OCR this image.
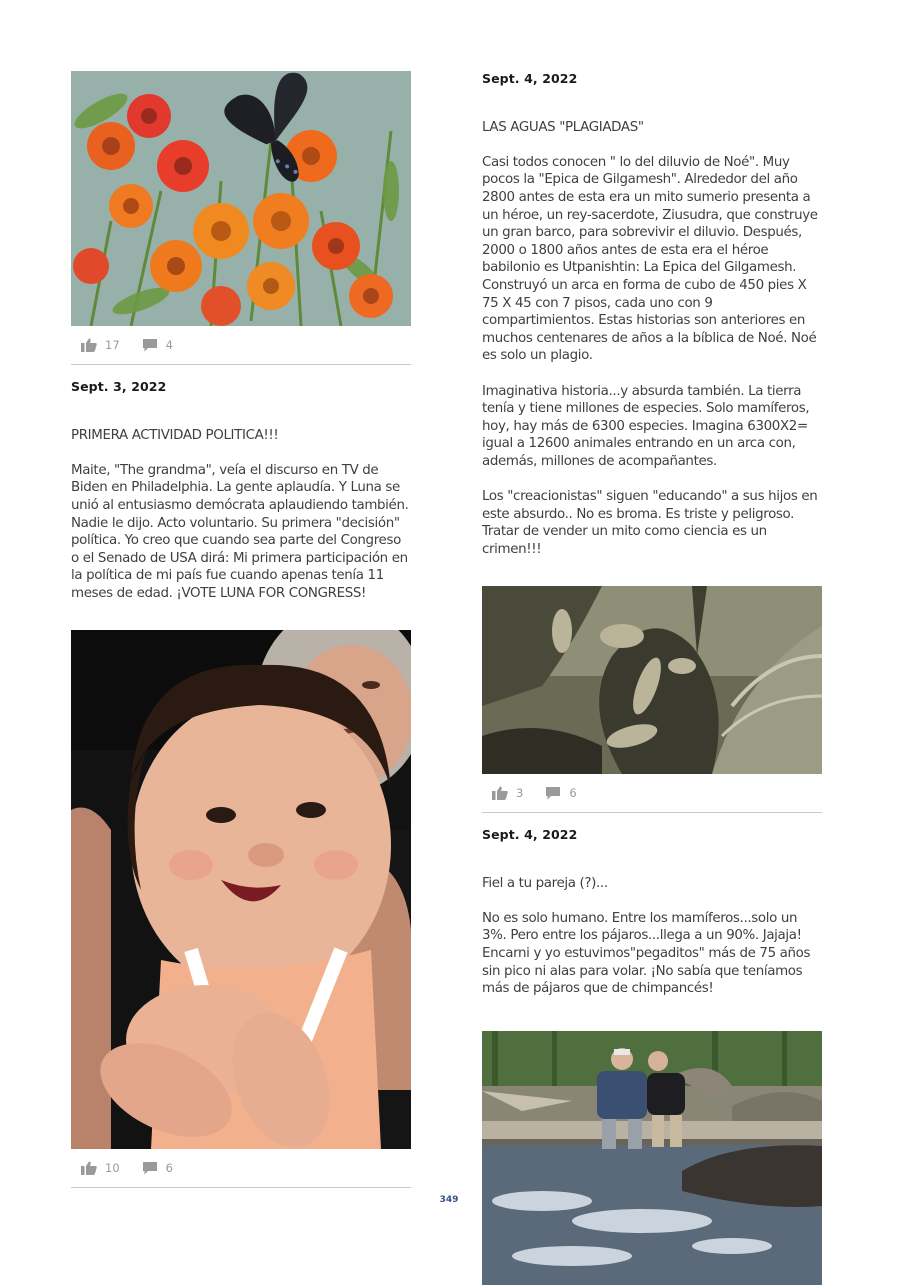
17	4
Sept. 3, 2022

PRIMERA ACTIVIDAD POLITICA!!!

Maite, "The grandma", veía el discurso en TV de Biden en Philadelphia. La gente aplaudía. Y Luna se unió al entusiasmo demócrata aplaudiendo también. Nadie le dijo. Acto voluntario. Su primera "decisión" política. Yo creo que cuando sea parte del Congreso o el Senado de USA dirá: Mi primera participación en la política de mi país fue cuando apenas tenía 11 meses de edad. ¡VOTE LUNA FOR CONGRESS!

10	6
Sept. 4, 2022

LAS AGUAS "PLAGIADAS"

Casi todos conocen " lo del diluvio de Noé". Muy pocos la "Epica de Gilgamesh". Alrededor del año 2800 antes de esta era un mito sumerio presenta a un héroe, un rey-sacerdote, Ziusudra, que construye un gran barco, para sobrevivir el diluvio. Después, 2000 o 1800 años antes de esta era el héroe babilonio es Utpanishtin: La Epica del Gilgamesh. Construyó un arca en forma de cubo de 450 pies X 75 X 45 con 7 pisos, cada uno con 9 compartimientos. Estas historias son anteriores en muchos centenares de años a la bíblica de Noé. Noé es solo un plagio.

Imaginativa historia...y absurda también. La tierra tenía y tiene millones de especies. Solo mamíferos, hoy, hay más de 6300 especies. Imagina 6300X2= igual a 12600 animales entrando en un arca con, además, millones de acompañantes.

Los "creacionistas" siguen "educando" a sus hijos en este absurdo.. No es broma. Es triste y peligroso. Tratar de vender un mito como ciencia es un crimen!!!

3	6
Sept. 4, 2022

Fiel a tu pareja (?)...

No es solo humano. Entre los mamíferos...solo un 3%. Pero entre los pájaros...llega a un 90%. Jajaja! Encarni y yo estuvimos"pegaditos" más de 75 años sin pico ni alas para volar. ¡No sabía que teníamos más de pájaros que de chimpancés!

349
